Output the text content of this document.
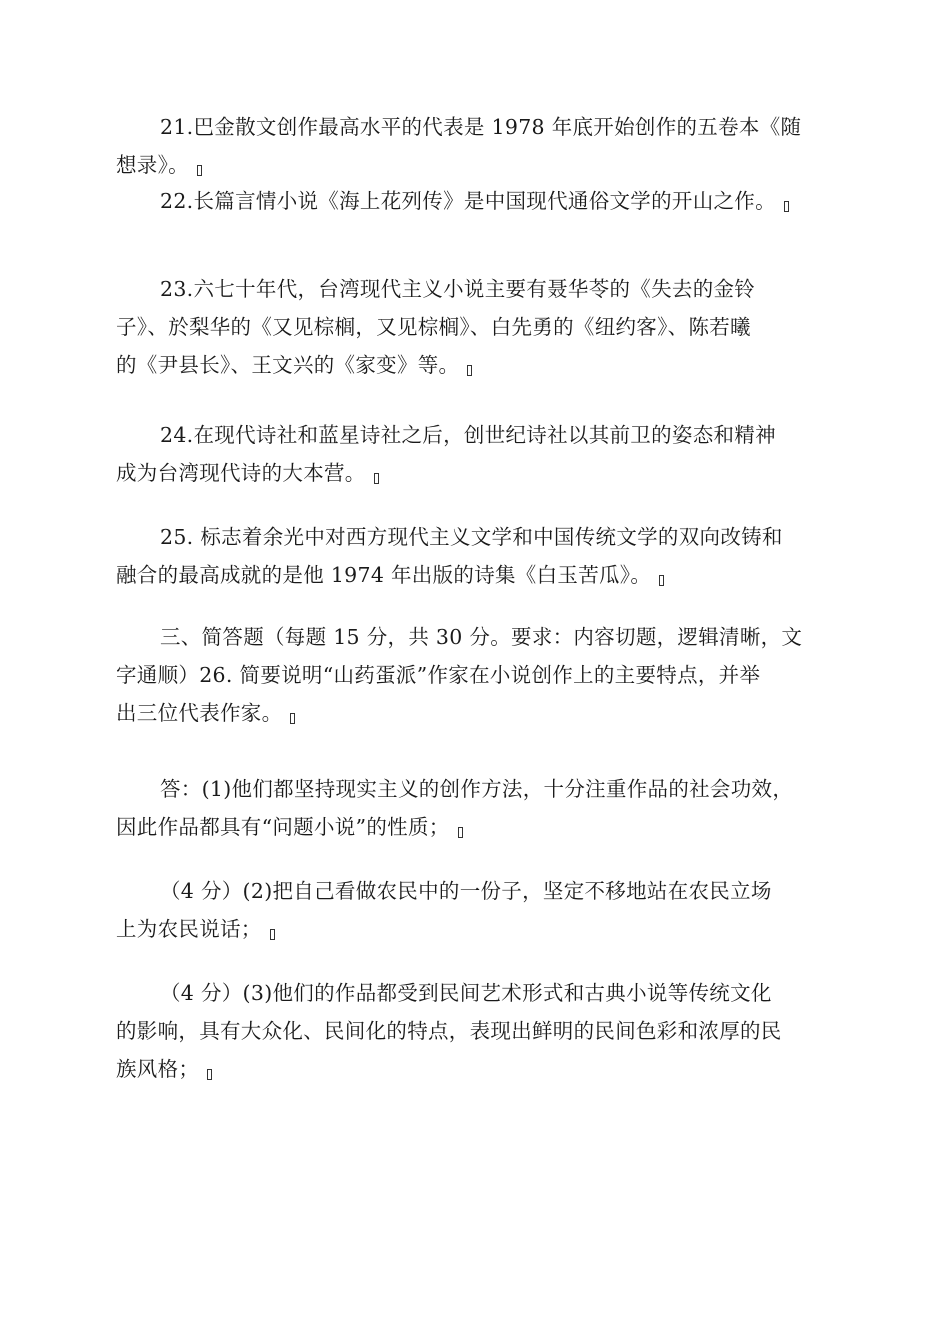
21.巴金散文创作最高水平的代表是 1978 年底开始创作的五卷本《随
想录》。

22.长篇言情小说《海上花列传》是中国现代通俗文学的开山之作。

23.六七十年代，台湾现代主义小说主要有聂华苓的《失去的金铃
子》、於梨华的《又见棕榈，又见棕榈》、白先勇的《纽约客》、陈若曦
的《尹县长》、王文兴的《家变》等。

24.在现代诗社和蓝星诗社之后，创世纪诗社以其前卫的姿态和精神
成为台湾现代诗的大本营。

25. 标志着余光中对西方现代主义文学和中国传统文学的双向改铸和
融合的最高成就的是他 1974 年出版的诗集《白玉苦瓜》。

三、简答题（每题 15 分，共 30 分。要求：内容切题，逻辑清晰，文
字通顺）26. 简要说明“山药蛋派”作家在小说创作上的主要特点，并举
出三位代表作家。

答：(1)他们都坚持现实主义的创作方法，十分注重作品的社会功效，
因此作品都具有“问题小说”的性质；

（4 分）(2)把自己看做农民中的一份子，坚定不移地站在农民立场
上为农民说话；

（4 分）(3)他们的作品都受到民间艺术形式和古典小说等传统文化
的影响，具有大众化、民间化的特点，表现出鲜明的民间色彩和浓厚的民
族风格；
